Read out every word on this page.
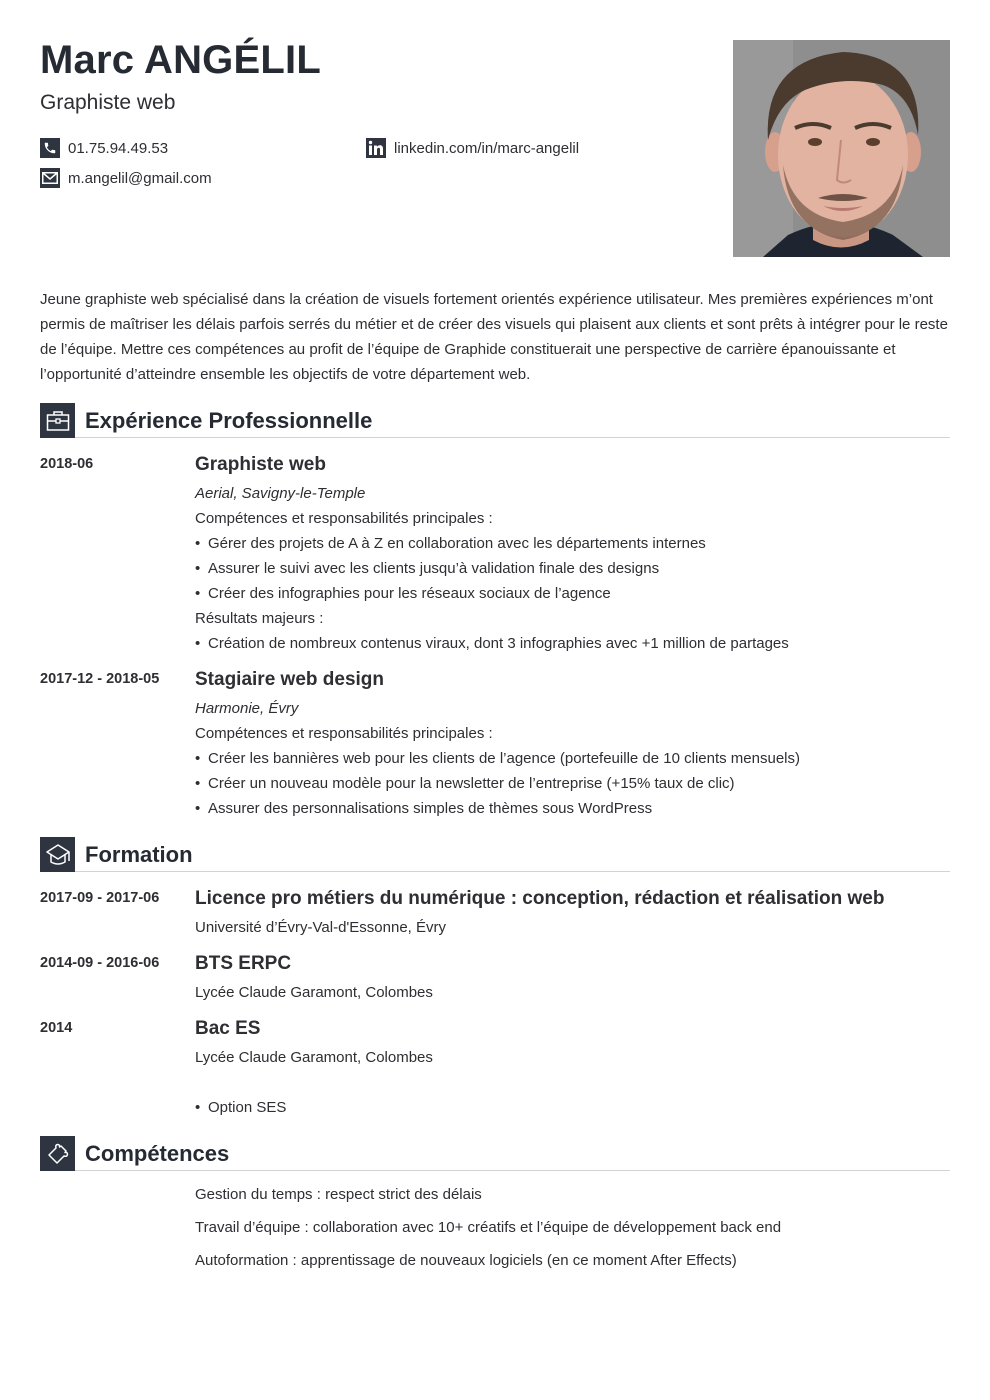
Marc ANGÉLIL
Graphiste web
01.75.94.49.53
m.angelil@gmail.com
linkedin.com/in/marc-angelil

Jeune graphiste web spécialisé dans la création de visuels fortement orientés expérience utilisateur. Mes premières expériences m’ont permis de maîtriser les délais parfois serrés du métier et de créer des visuels qui plaisent aux clients et sont prêts à intégrer pour le reste de l’équipe. Mettre ces compétences au profit de l’équipe de Graphide constituerait une perspective de carrière épanouissante et l’opportunité d’atteindre ensemble les objectifs de votre département web.

Expérience Professionnelle
2018-06	Graphiste web
Aerial, Savigny-le-Temple
Compétences et responsabilités principales :
• Gérer des projets de A à Z en collaboration avec les départements internes
• Assurer le suivi avec les clients jusqu’à validation finale des designs
• Créer des infographies pour les réseaux sociaux de l’agence
Résultats majeurs :
• Création de nombreux contenus viraux, dont 3 infographies avec +1 million de partages
2017-12 - 2018-05 Stagiaire web design
Harmonie, Évry
Compétences et responsabilités principales :
• Créer les bannières web pour les clients de l’agence (portefeuille de 10 clients mensuels)
• Créer un nouveau modèle pour la newsletter de l’entreprise (+15% taux de clic)
• Assurer des personnalisations simples de thèmes sous WordPress
Formation
2017-09 - 2017-06 Licence pro métiers du numérique : conception, rédaction et réalisation web
Université d’Évry-Val-d'Essonne, Évry
2014-09 - 2016-06 BTS ERPC
Lycée Claude Garamont, Colombes
2014	Bac ES
Lycée Claude Garamont, Colombes
• Option SES
Compétences
Gestion du temps : respect strict des délais
Travail d’équipe : collaboration avec 10+ créatifs et l’équipe de développement back end
Autoformation : apprentissage de nouveaux logiciels (en ce moment After Effects)
